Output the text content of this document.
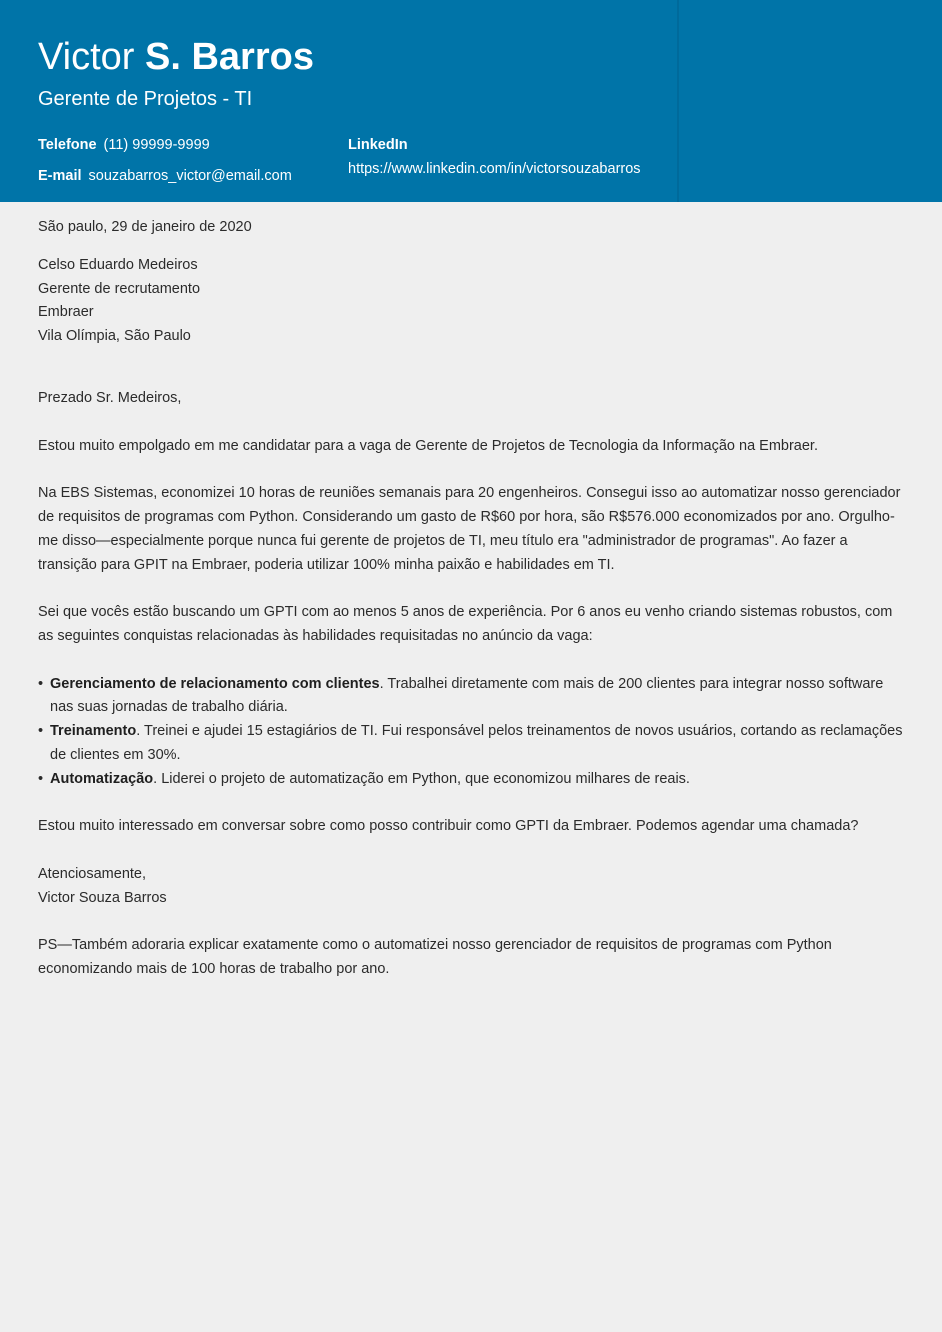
Victor S. Barros
Gerente de Projetos - TI
Telefone (11) 99999-9999
E-mail souzabarros_victor@email.com
LinkedIn
https://www.linkedin.com/in/victorsouzabarros

São paulo, 29 de janeiro de 2020

Celso Eduardo Medeiros

Gerente de recrutamento

Embraer

Vila Olímpia, São Paulo

Prezado Sr. Medeiros,

Estou muito empolgado em me candidatar para a vaga de Gerente de Projetos de Tecnologia da Informação na Embraer.

Na EBS Sistemas, economizei 10 horas de reuniões semanais para 20 engenheiros. Consegui isso ao automatizar nosso gerenciador de requisitos de programas com Python. Considerando um gasto de R$60 por hora, são R$576.000 economizados por ano. Orgulho-me disso—especialmente porque nunca fui gerente de projetos de TI, meu título era "administrador de programas". Ao fazer a transição para GPIT na Embraer, poderia utilizar 100% minha paixão e habilidades em TI.

Sei que vocês estão buscando um GPTI com ao menos 5 anos de experiência. Por 6 anos eu venho criando sistemas robustos, com as seguintes conquistas relacionadas às habilidades requisitadas no anúncio da vaga:

• Gerenciamento de relacionamento com clientes. Trabalhei diretamente com mais de 200 clientes para integrar nosso software nas suas jornadas de trabalho diária.
• Treinamento. Treinei e ajudei 15 estagiários de TI. Fui responsável pelos treinamentos de novos usuários, cortando as reclamações de clientes em 30%.
• Automatização. Liderei o projeto de automatização em Python, que economizou milhares de reais.

Estou muito interessado em conversar sobre como posso contribuir como GPTI da Embraer. Podemos agendar uma chamada?

Atenciosamente,

Victor Souza Barros

PS—Também adoraria explicar exatamente como o automatizei nosso gerenciador de requisitos de programas com Python economizando mais de 100 horas de trabalho por ano.
